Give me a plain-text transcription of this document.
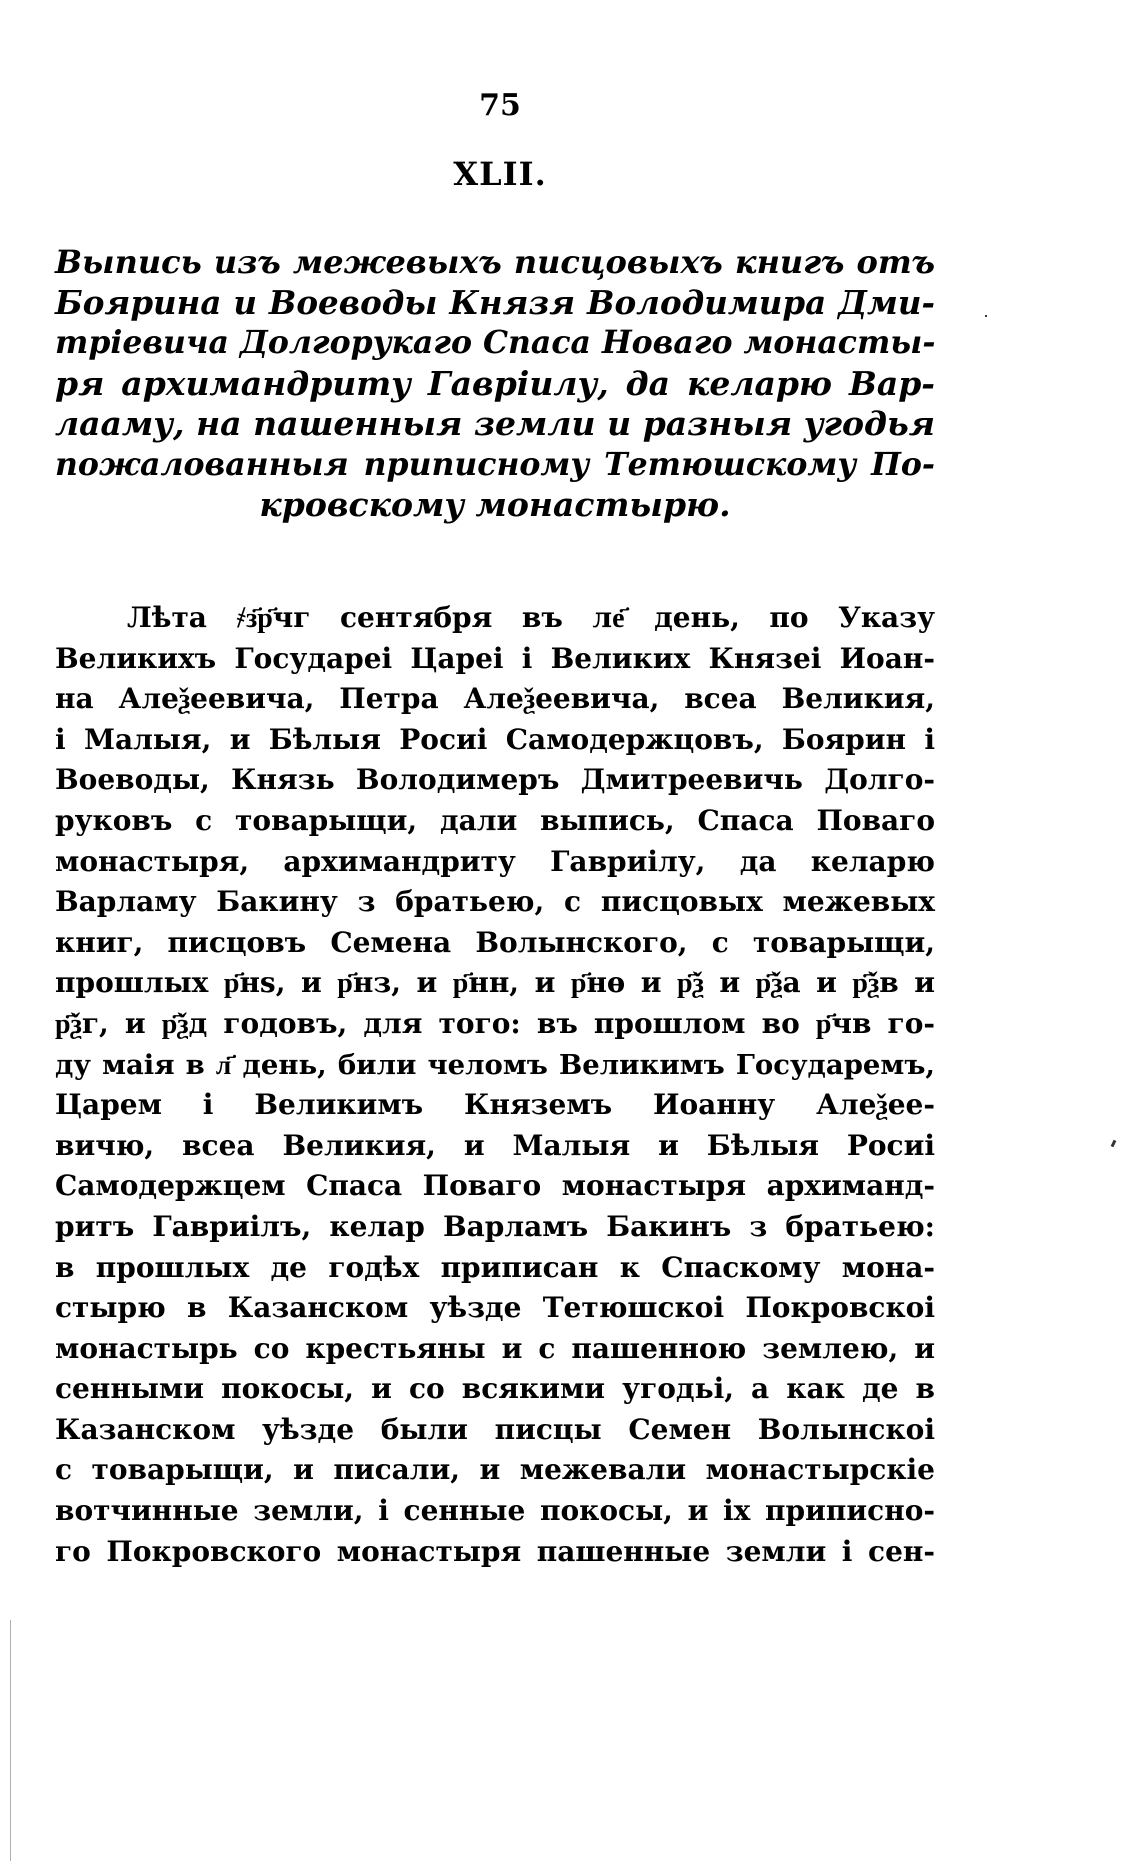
75
XLII.
Выпись изъ межевыхъ писцовыхъ книгъ отъ
Боярина и Воеводы Князя Володимира Дми-
тріевича Долгорукаго Спаса Новаго монасты-
ря архимандриту Гавріилу, да келарю Вар-
лааму, на пашенныя земли и разныя угодья
пожалованныя приписному Тетюшскому По-
кровскому монастырю.
Лѣта ҂з҃р҃чг сентября въ ле҃ день, по Указу
Великихъ Государеі Цареі і Великих Князеі Иоан-
на Алеѯеевича, Петра Алеѯеевича, всеа Великия,
і Малыя, и Бѣлыя Росиі Самодержцовъ, Боярин і
Воеводы, Князь Володимеръ Дмитреевичь Долго-
руковъ с товарыщи, дали выпись, Спаса Поваго
монастыря, архимандриту Гавриілу, да келарю
Варламу Бакину з братьею, с писцовых межевых
книг, писцовъ Семена Волынского, с товарыщи,
прошлых р҃нѕ, и р҃нз, и р҃нн, и р҃нѳ и р҃ѯ и р҃ѯа и р҃ѯв и
р҃ѯг, и р҃ѯд годовъ, для того: въ прошлом во р҃чв го-
ду маія в л҃ день, били челомъ Великимъ Государемъ,
Царем і Великимъ Княземъ Иоанну Алеѯее-
вичю, всеа Великия, и Малыя и Бѣлыя Росиі
Самодержцем Спаса Поваго монастыря архиманд-
ритъ Гавриілъ, келар Варламъ Бакинъ з братьею:
в прошлых де годѣх приписан к Спаскому мона-
стырю в Казанском уѣзде Тетюшскоі Покровскоі
монастырь со крестьяны и с пашенною землею, и
сенными покосы, и со всякими угодьі, а как де в
Казанском уѣзде были писцы Семен Волынскоі
с товарыщи, и писали, и межевали монастырскіе
вотчинные земли, і сенные покосы, и іх приписно-
го Покровского монастыря пашенные земли і сен-
